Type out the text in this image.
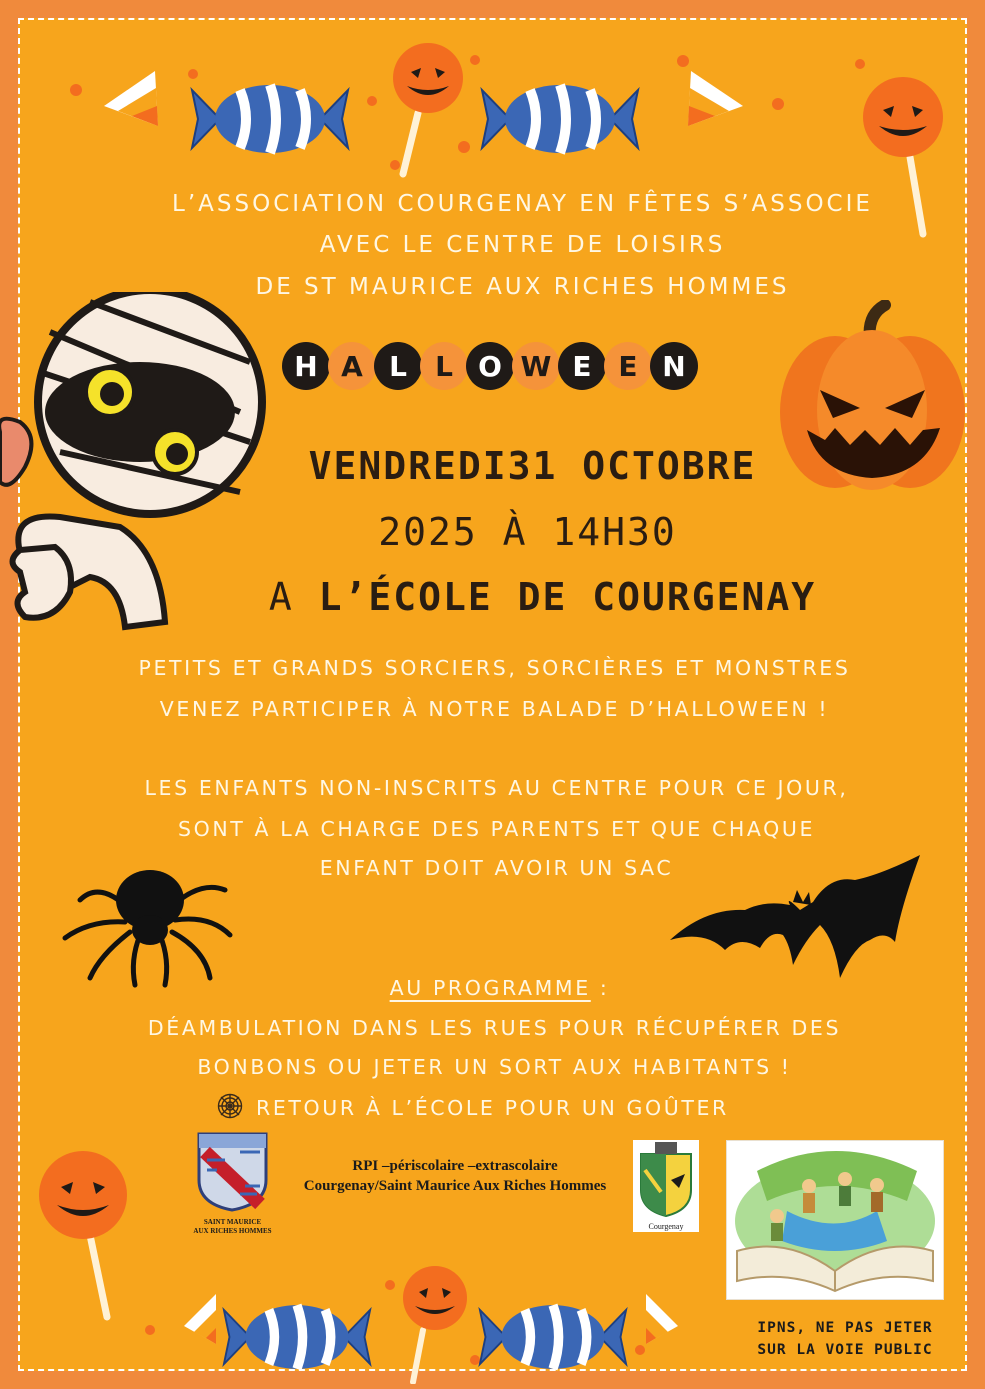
L’ASSOCIATION COURGENAY EN FÊTES S’ASSOCIE
AVEC LE CENTRE DE LOISIRS
DE ST MAURICE AUX RICHES HOMMES
H A L	L O W E E N
VENDREDI31 OCTOBRE
2025 À 14H30
A L’ÉCOLE DE COURGENAY
PETITS ET GRANDS SORCIERS, SORCIÈRES ET MONSTRES
VENEZ PARTICIPER À NOTRE BALADE D’HALLOWEEN !
LES ENFANTS NON-INSCRITS AU CENTRE POUR CE JOUR,
SONT À LA CHARGE DES PARENTS ET QUE CHAQUE
ENFANT DOIT AVOIR UN SAC
AU PROGRAMME :
DÉAMBULATION DANS LES RUES POUR RÉCUPÉRER DES
BONBONS OU JETER UN SORT AUX HABITANTS !
RETOUR À L’ÉCOLE POUR UN GOÛTER
SAINT MAURICE
AUX RICHES HOMMES
RPI –périscolaire –extrascolaire
Courgenay/Saint Maurice Aux Riches Hommes
Courgenay
IPNS, NE PAS JETER
SUR LA VOIE PUBLIC
